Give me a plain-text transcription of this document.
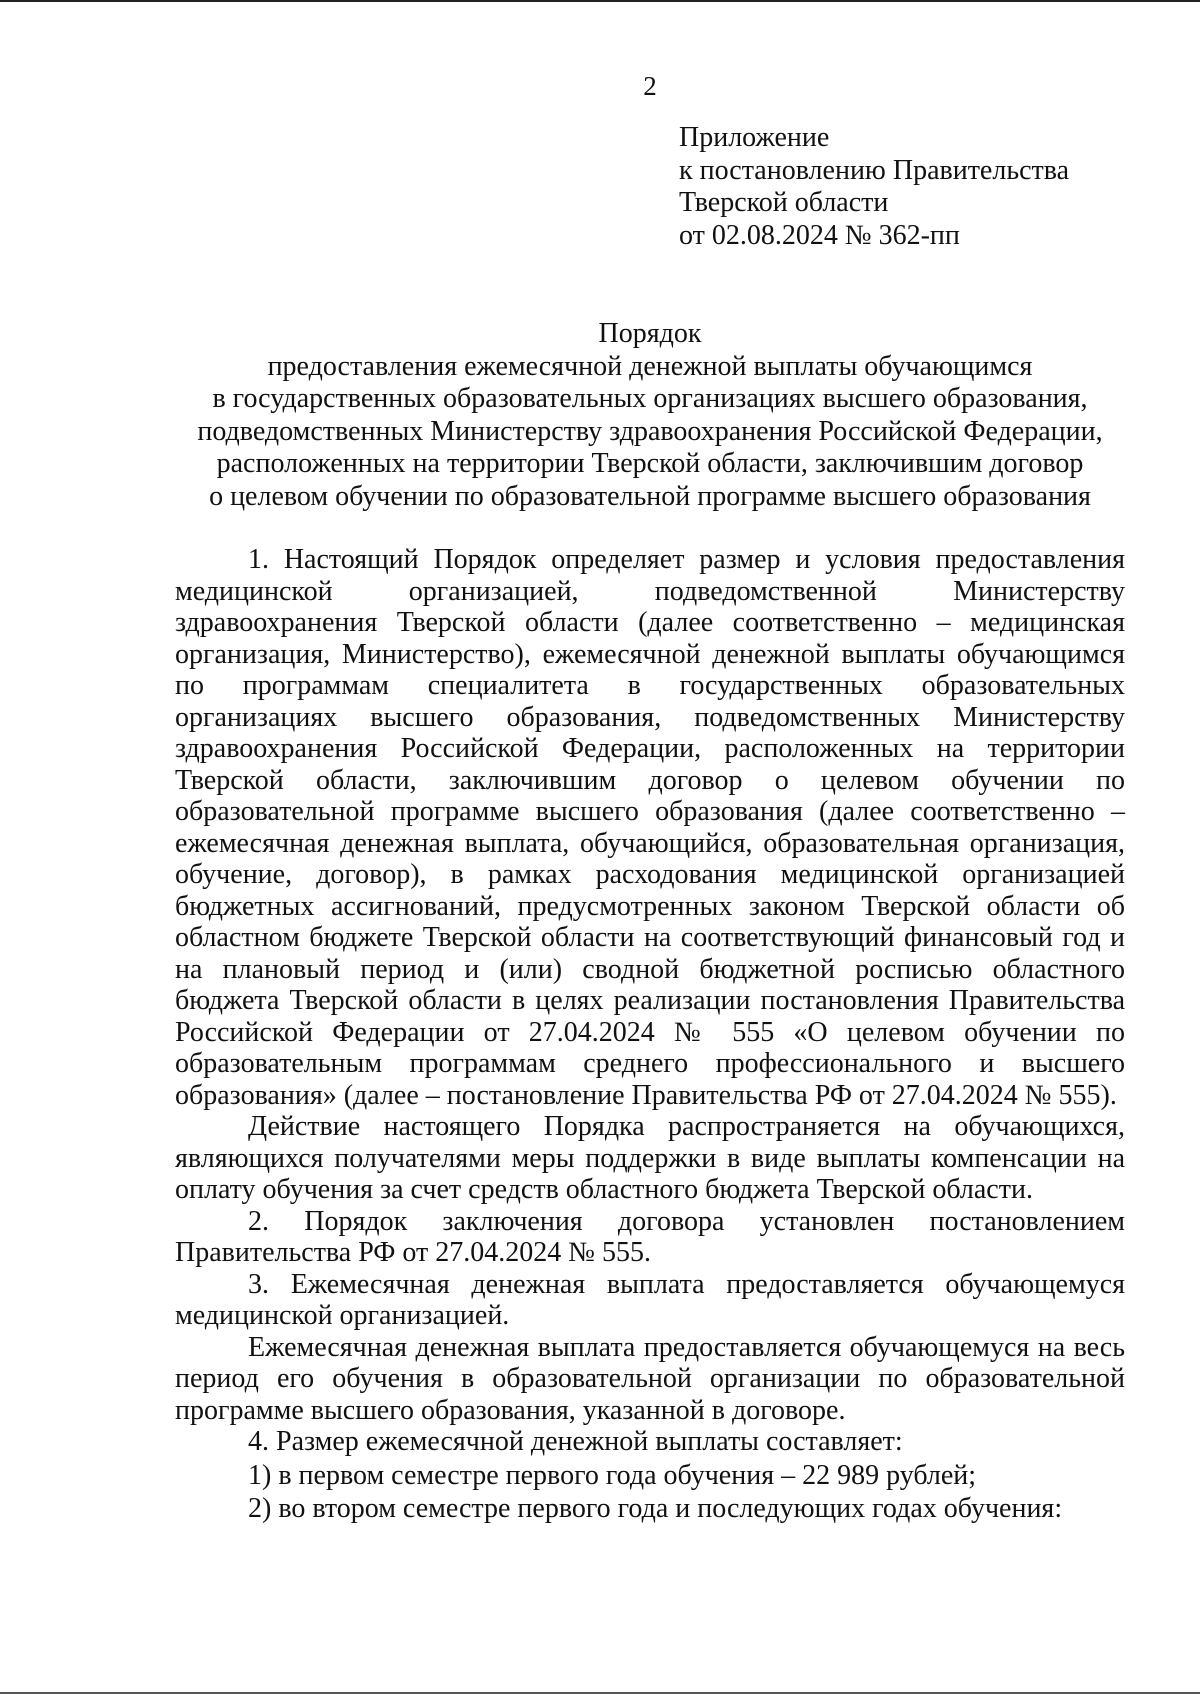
2
Приложение
к постановлению Правительства
Тверской области
от 02.08.2024 № 362-пп
Порядок
предоставления ежемесячной денежной выплаты обучающимся
в государственных образовательных организациях высшего образования,
подведомственных Министерству здравоохранения Российской Федерации,
расположенных на территории Тверской области, заключившим договор
о целевом обучении по образовательной программе высшего образования

1. Настоящий Порядок определяет размер и условия предоставления медицинской организацией, подведомственной Министерству здравоохранения Тверской области (далее соответственно – медицинская организация, Министерство), ежемесячной денежной выплаты обучающимся по программам специалитета в государственных образовательных организациях высшего образования, подведомственных Министерству здравоохранения Российской Федерации, расположенных на территории Тверской области, заключившим договор о целевом обучении по образовательной программе высшего образования (далее соответственно – ежемесячная денежная выплата, обучающийся, образовательная организация, обучение, договор), в рамках расходования медицинской организацией бюджетных ассигнований, предусмотренных законом Тверской области об областном бюджете Тверской области на соответствующий финансовый год и на плановый период и (или) сводной бюджетной росписью областного бюджета Тверской области в целях реализации постановления Правительства Российской Федерации от 27.04.2024 № 555 «О целевом обучении по образовательным программам среднего профессионального и высшего образования» (далее – постановление Правительства РФ от 27.04.2024 № 555).

Действие настоящего Порядка распространяется на обучающихся, являющихся получателями меры поддержки в виде выплаты компенсации на оплату обучения за счет средств областного бюджета Тверской области.

2. Порядок заключения договора установлен постановлением Правительства РФ от 27.04.2024 № 555.

3. Ежемесячная денежная выплата предоставляется обучающемуся медицинской организацией.

Ежемесячная денежная выплата предоставляется обучающемуся на весь период его обучения в образовательной организации по образовательной программе высшего образования, указанной в договоре.

4. Размер ежемесячной денежной выплаты составляет:

1) в первом семестре первого года обучения – 22 989 рублей;

2) во втором семестре первого года и последующих годах обучения:
